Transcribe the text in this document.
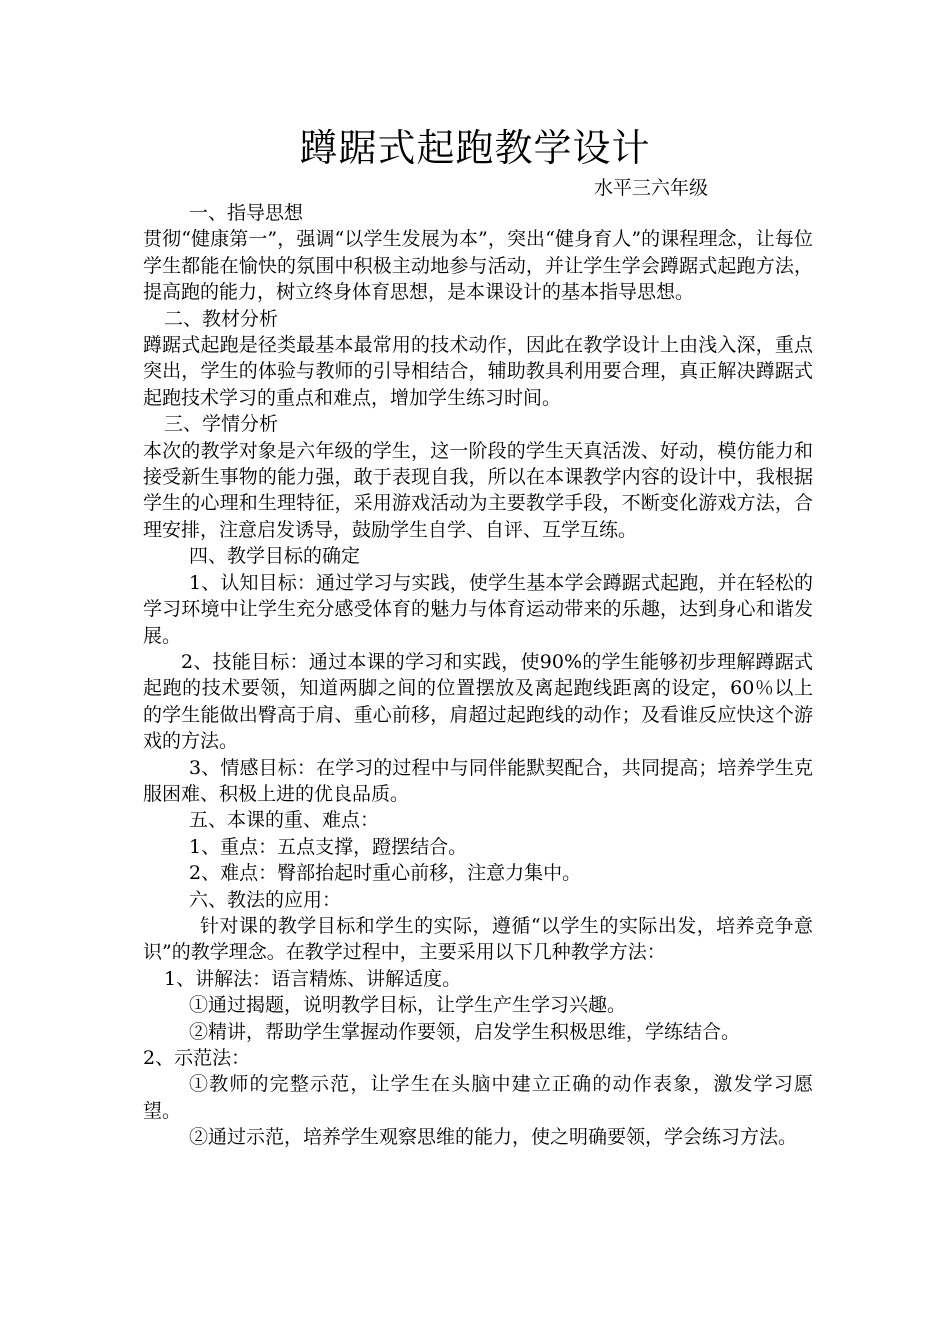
蹲踞式起跑教学设计
水平三六年级

一、指导思想

贯彻“健康第一”，强调“以学生发展为本”，突出“健身育人”的课程理念，让每位学生都能在愉快的氛围中积极主动地参与活动，并让学生学会蹲踞式起跑方法，提高跑的能力，树立终身体育思想，是本课设计的基本指导思想。

二、教材分析

蹲踞式起跑是径类最基本最常用的技术动作，因此在教学设计上由浅入深，重点突出，学生的体验与教师的引导相结合，辅助教具利用要合理，真正解决蹲踞式起跑技术学习的重点和难点，增加学生练习时间。

三、学情分析

本次的教学对象是六年级的学生，这一阶段的学生天真活泼、好动，模仿能力和接受新生事物的能力强，敢于表现自我，所以在本课教学内容的设计中，我根据学生的心理和生理特征，采用游戏活动为主要教学手段，不断变化游戏方法，合理安排，注意启发诱导，鼓励学生自学、自评、互学互练。

四、教学目标的确定

1、认知目标：通过学习与实践，使学生基本学会蹲踞式起跑，并在轻松的学习环境中让学生充分感受体育的魅力与体育运动带来的乐趣，达到身心和谐发展。

2、技能目标：通过本课的学习和实践，使90%的学生能够初步理解蹲踞式起跑的技术要领，知道两脚之间的位置摆放及离起跑线距离的设定，60％以上的学生能做出臀高于肩、重心前移，肩超过起跑线的动作；及看谁反应快这个游戏的方法。

3、情感目标：在学习的过程中与同伴能默契配合，共同提高；培养学生克服困难、积极上进的优良品质。

五、本课的重、难点：

1、重点：五点支撑，蹬摆结合。

2、难点：臀部抬起时重心前移，注意力集中。

六、教法的应用：

针对课的教学目标和学生的实际，遵循“以学生的实际出发，培养竞争意识”的教学理念。在教学过程中，主要采用以下几种教学方法：

1、讲解法：语言精炼、讲解适度。

①通过揭题，说明教学目标，让学生产生学习兴趣。

②精讲，帮助学生掌握动作要领，启发学生积极思维，学练结合。

2、示范法：

①教师的完整示范，让学生在头脑中建立正确的动作表象，激发学习愿望。

②通过示范，培养学生观察思维的能力，使之明确要领，学会练习方法。
